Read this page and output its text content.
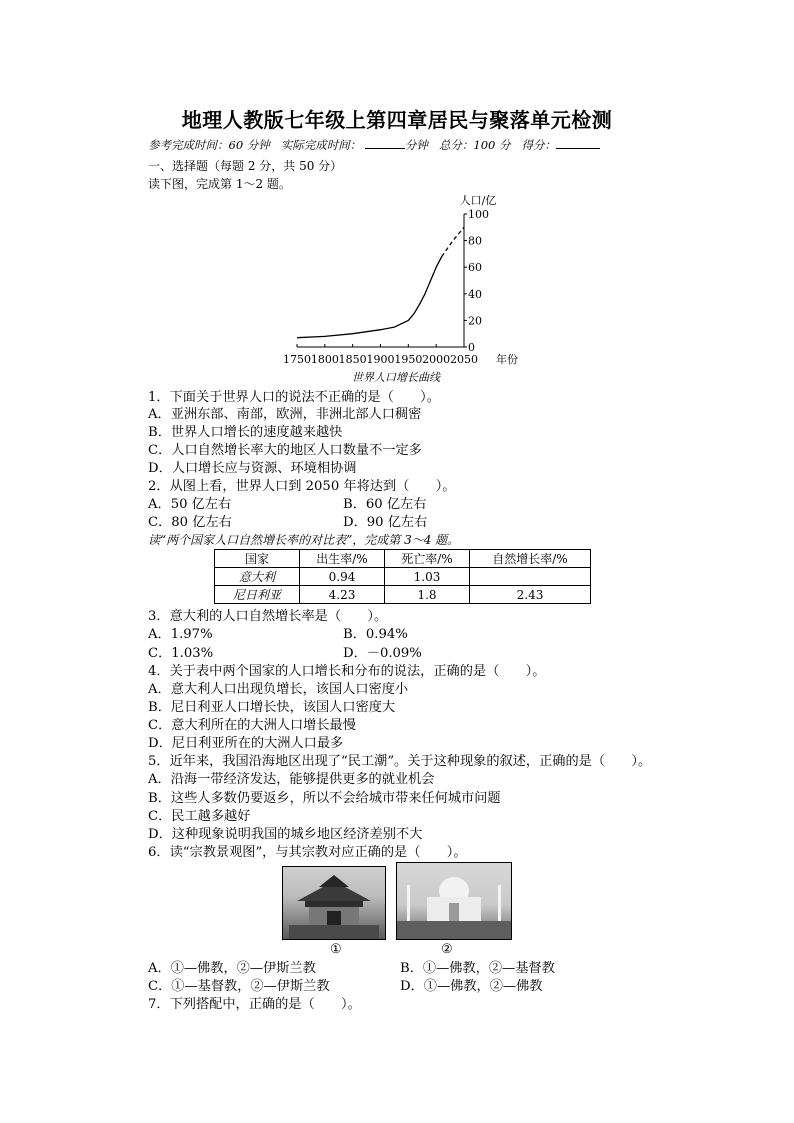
地理人教版七年级上第四章居民与聚落单元检测
参考完成时间：60 分钟 实际完成时间：	分钟 总分：100 分 得分：
一、选择题（每题 2 分，共 50 分）
读下图，完成第 1～2 题。
人口/亿
0
20
40
60
80
100
1750 1800 1850 1900 1950 2000 2050 年份
世界人口增长曲线
1．下面关于世界人口的说法不正确的是（　　）。
A．亚洲东部、南部，欧洲，非洲北部人口稠密
B．世界人口增长的速度越来越快
C．人口自然增长率大的地区人口数量不一定多
D．人口增长应与资源、环境相协调
2．从图上看，世界人口到 2050 年将达到（　　）。
A．50 亿左右	B．60 亿左右
C．80 亿左右	D．90 亿左右
读“两个国家人口自然增长率的对比表”，完成第 3～4 题。
国家	出生率/%	死亡率/%	自然增长率/%
意大利	0.94	1.03	
尼日利亚	4.23	1.8	2.43
3．意大利的人口自然增长率是（　　）。
A．1.97%	B．0.94%
C．1.03%	D．－0.09%
4．关于表中两个国家的人口增长和分布的说法，正确的是（　　）。
A．意大利人口出现负增长，该国人口密度小
B．尼日利亚人口增长快，该国人口密度大
C．意大利所在的大洲人口增长最慢
D．尼日利亚所在的大洲人口最多
5．近年来，我国沿海地区出现了“民工潮”。关于这种现象的叙述，正确的是（　　）。
A．沿海一带经济发达，能够提供更多的就业机会
B．这些人多数仍要返乡，所以不会给城市带来任何城市问题
C．民工越多越好
D．这种现象说明我国的城乡地区经济差别不大
6．读“宗教景观图”，与其宗教对应正确的是（　　）。
①	②
A．①—佛教，②—伊斯兰教	B．①—佛教，②—基督教
C．①—基督教，②—伊斯兰教	D．①—佛教，②—佛教
7．下列搭配中，正确的是（　　）。
